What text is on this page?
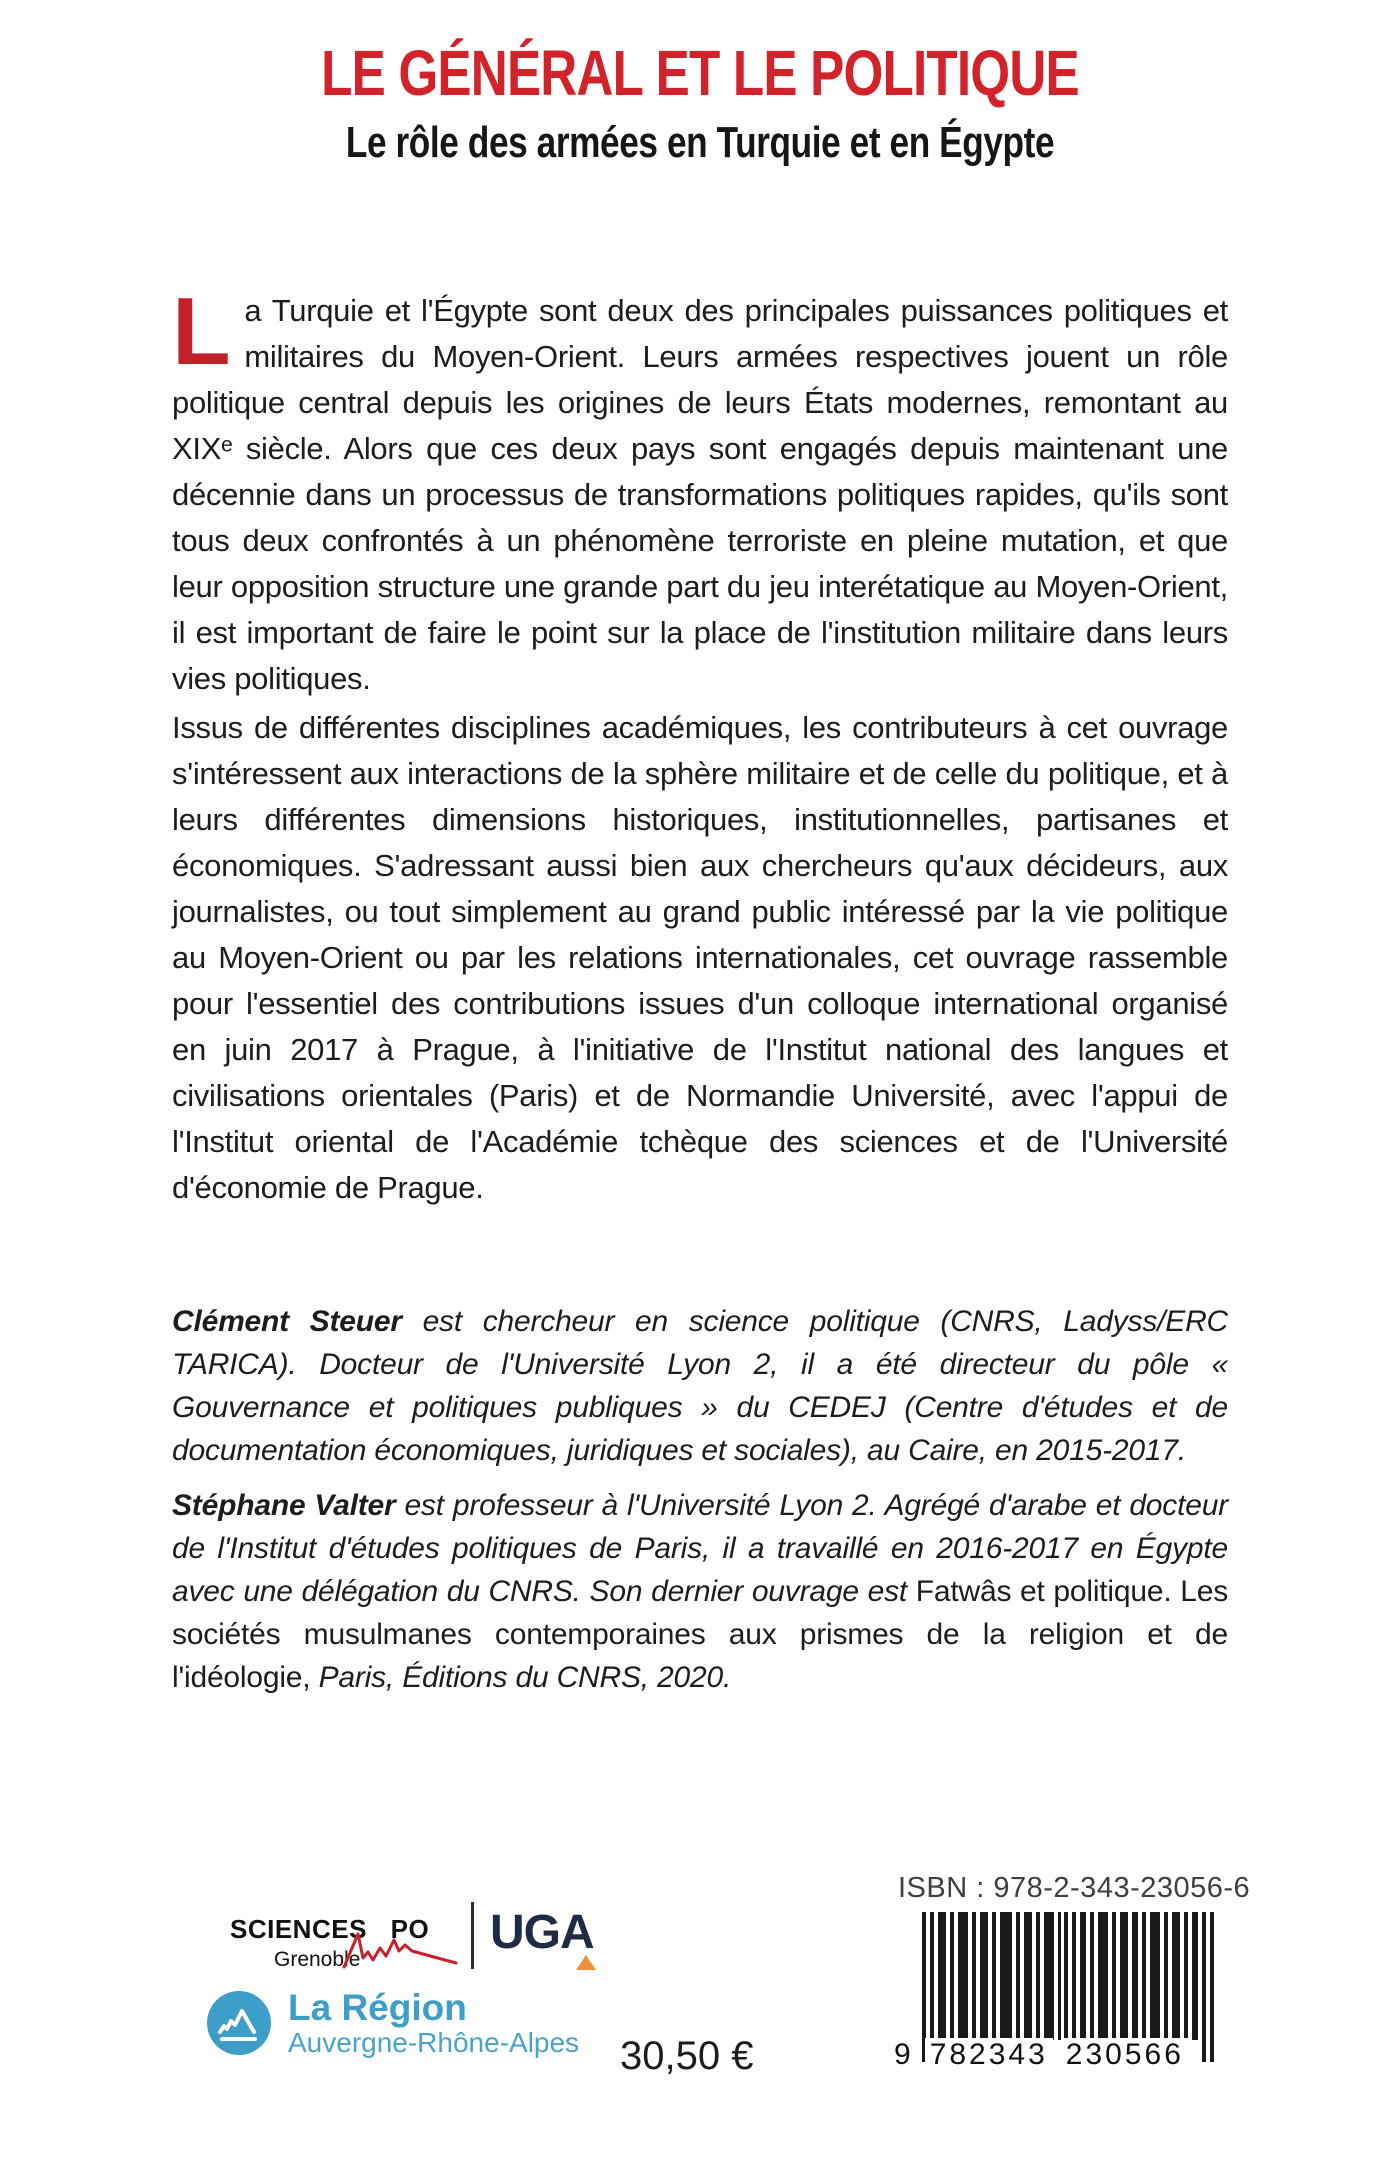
LE GÉNÉRAL ET LE POLITIQUE
Le rôle des armées en Turquie et en Égypte

La Turquie et l'Égypte sont deux des principales puissances politiques et militaires du Moyen-Orient. Leurs armées respectives jouent un rôle politique central depuis les origines de leurs États modernes, remontant au XIXᵉ siècle. Alors que ces deux pays sont engagés depuis maintenant une décennie dans un processus de transformations politiques rapides, qu'ils sont tous deux confrontés à un phénomène terroriste en pleine mutation, et que leur opposition structure une grande part du jeu interétatique au Moyen-Orient, il est important de faire le point sur la place de l'institution militaire dans leurs vies politiques.

Issus de différentes disciplines académiques, les contributeurs à cet ouvrage s'intéressent aux interactions de la sphère militaire et de celle du politique, et à leurs différentes dimensions historiques, institutionnelles, partisanes et économiques. S'adressant aussi bien aux chercheurs qu'aux décideurs, aux journalistes, ou tout simplement au grand public intéressé par la vie politique au Moyen-Orient ou par les relations internationales, cet ouvrage rassemble pour l'essentiel des contributions issues d'un colloque international organisé en juin 2017 à Prague, à l'initiative de l'Institut national des langues et civilisations orientales (Paris) et de Normandie Université, avec l'appui de l'Institut oriental de l'Académie tchèque des sciences et de l'Université d'économie de Prague.

Clément Steuer est chercheur en science politique (CNRS, Ladyss/ERC TARICA). Docteur de l'Université Lyon 2, il a été directeur du pôle « Gouvernance et politiques publiques » du CEDEJ (Centre d'études et de documentation économiques, juridiques et sociales), au Caire, en 2015-2017.

Stéphane Valter est professeur à l'Université Lyon 2. Agrégé d'arabe et docteur de l'Institut d'études politiques de Paris, il a travaillé en 2016-2017 en Égypte avec une délégation du CNRS. Son dernier ouvrage est Fatwâs et politique. Les sociétés musulmanes contemporaines aux prismes de la religion et de l'idéologie, Paris, Éditions du CNRS, 2020.

ISBN : 978-2-343-23056-6
SCIENCES PO
Grenoble
UGA
La Région
Auvergne-Rhône-Alpes 30,50 €	9 782343 230566
